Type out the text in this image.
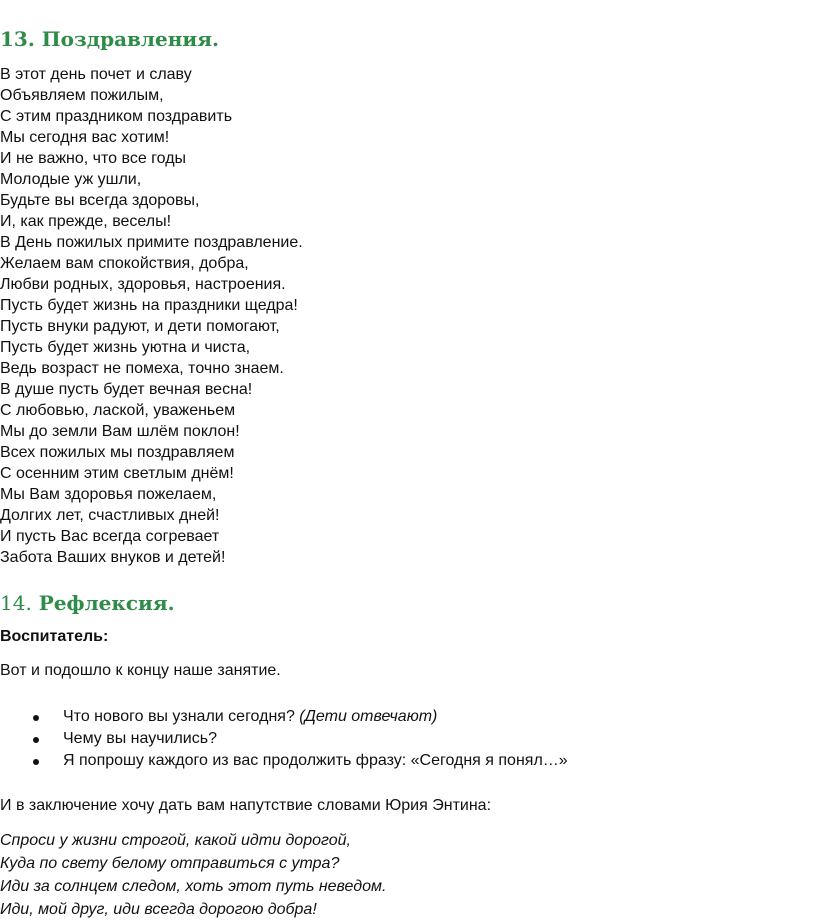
13. Поздравления.
В этот день почет и славу
Объявляем пожилым,
С этим праздником поздравить
Мы сегодня вас хотим!
И не важно, что все годы
Молодые уж ушли,
Будьте вы всегда здоровы,
И, как прежде, веселы!
В День пожилых примите поздравление.
Желаем вам спокойствия, добра,
Любви родных, здоровья, настроения.
Пусть будет жизнь на праздники щедра!
Пусть внуки радуют, и дети помогают,
Пусть будет жизнь уютна и чиста,
Ведь возраст не помеха, точно знаем.
В душе пусть будет вечная весна!
С любовью, лаской, уваженьем
Мы до земли Вам шлём поклон!
Всех пожилых мы поздравляем
С осенним этим светлым днём!
Мы Вам здоровья пожелаем,
Долгих лет, счастливых дней!
И пусть Вас всегда согревает
Забота Ваших внуков и детей!
14. Рефлексия.
Воспитатель:
Вот и подошло к концу наше занятие.
Что нового вы узнали сегодня? (Дети отвечают)
Чему вы научились?
Я попрошу каждого из вас продолжить фразу: «Сегодня я понял…»
И в заключение хочу дать вам напутствие словами Юрия Энтина:
Спроси у жизни строгой, какой идти дорогой,
Куда по свету белому отправиться с утра?
Иди за солнцем следом, хоть этот путь неведом.
Иди, мой друг, иди всегда дорогою добра!
